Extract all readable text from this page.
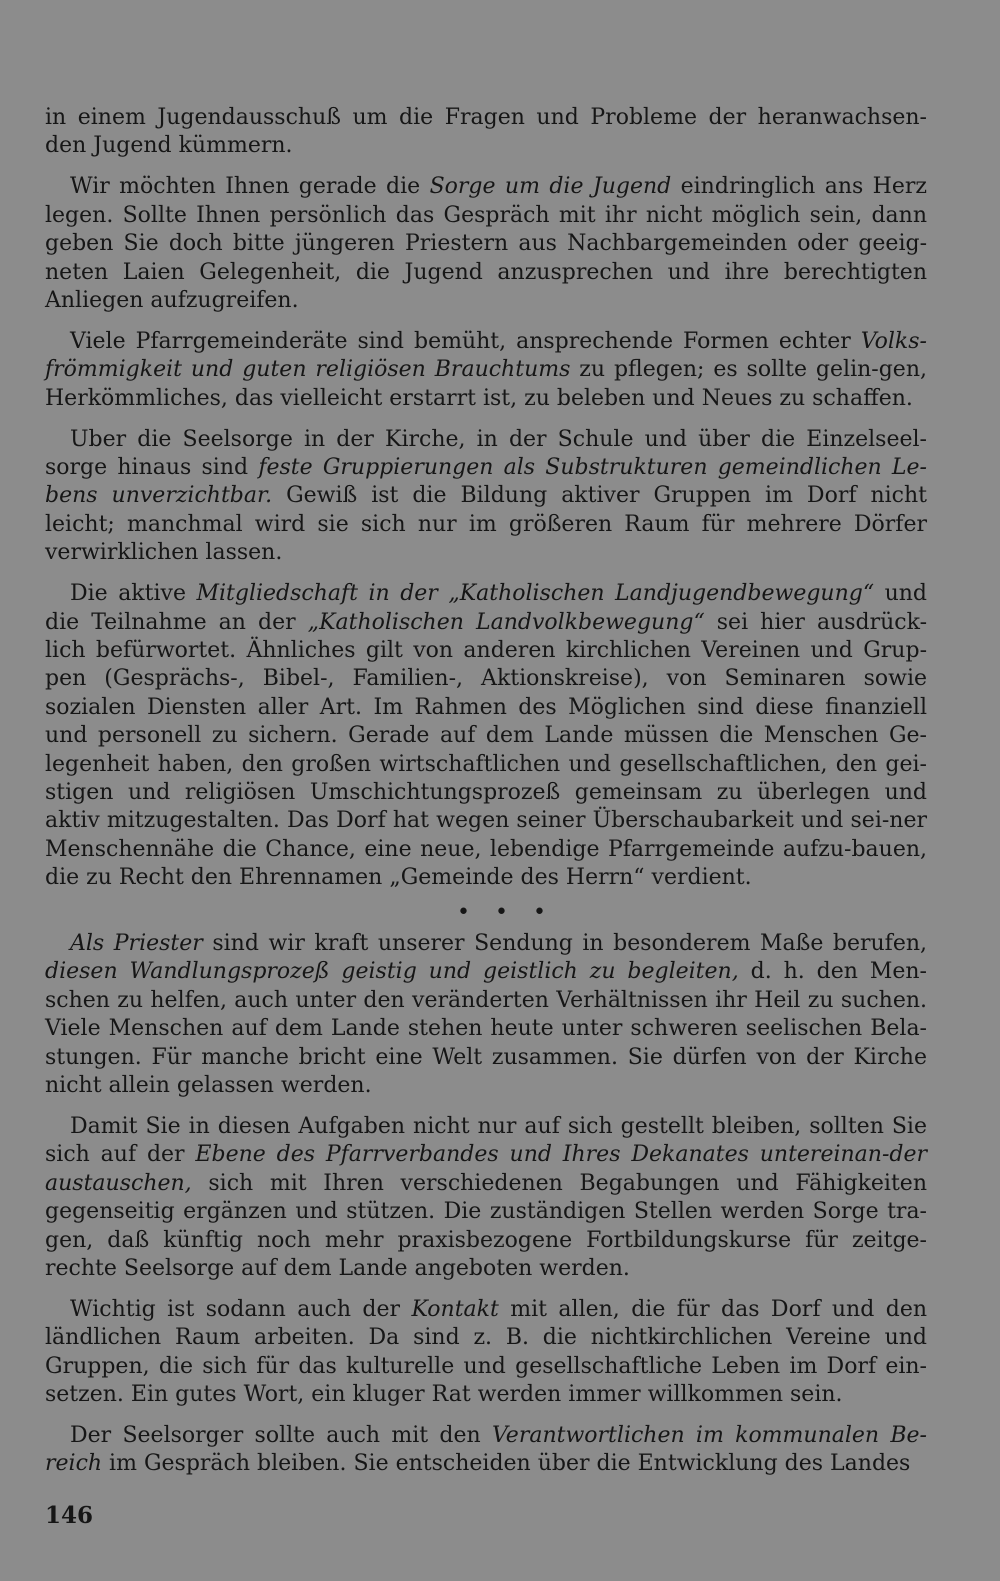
in einem Jugendausschuß um die Fragen und Probleme der heranwachsen-den Jugend kümmern.

Wir möchten Ihnen gerade die Sorge um die Jugend eindringlich ans Herz legen. Sollte Ihnen persönlich das Gespräch mit ihr nicht möglich sein, dann geben Sie doch bitte jüngeren Priestern aus Nachbargemeinden oder geeig-neten Laien Gelegenheit, die Jugend anzusprechen und ihre berechtigten Anliegen aufzugreifen.

Viele Pfarrgemeinderäte sind bemüht, ansprechende Formen echter Volks-frömmigkeit und guten religiösen Brauchtums zu pflegen; es sollte gelin-gen, Herkömmliches, das vielleicht erstarrt ist, zu beleben und Neues zu schaffen.

Uber die Seelsorge in der Kirche, in der Schule und über die Einzelseel-sorge hinaus sind feste Gruppierungen als Substrukturen gemeindlichen Le-bens unverzichtbar. Gewiß ist die Bildung aktiver Gruppen im Dorf nicht leicht; manchmal wird sie sich nur im größeren Raum für mehrere Dörfer verwirklichen lassen.

Die aktive Mitgliedschaft in der „Katholischen Landjugendbewegung“ und die Teilnahme an der „Katholischen Landvolkbewegung“ sei hier ausdrück-lich befürwortet. Ähnliches gilt von anderen kirchlichen Vereinen und Grup-pen (Gesprächs-, Bibel-, Familien-, Aktionskreise), von Seminaren sowie sozialen Diensten aller Art. Im Rahmen des Möglichen sind diese finanziell und personell zu sichern. Gerade auf dem Lande müssen die Menschen Ge-legenheit haben, den großen wirtschaftlichen und gesellschaftlichen, den gei-stigen und religiösen Umschichtungsprozeß gemeinsam zu überlegen und aktiv mitzugestalten. Das Dorf hat wegen seiner Überschaubarkeit und sei-ner Menschennähe die Chance, eine neue, lebendige Pfarrgemeinde aufzu-bauen, die zu Recht den Ehrennamen „Gemeinde des Herrn“ verdient.

• • •

Als Priester sind wir kraft unserer Sendung in besonderem Maße berufen, diesen Wandlungsprozeß geistig und geistlich zu begleiten, d. h. den Men-schen zu helfen, auch unter den veränderten Verhältnissen ihr Heil zu suchen. Viele Menschen auf dem Lande stehen heute unter schweren seelischen Bela-stungen. Für manche bricht eine Welt zusammen. Sie dürfen von der Kirche nicht allein gelassen werden.

Damit Sie in diesen Aufgaben nicht nur auf sich gestellt bleiben, sollten Sie sich auf der Ebene des Pfarrverbandes und Ihres Dekanates untereinan-der austauschen, sich mit Ihren verschiedenen Begabungen und Fähigkeiten gegenseitig ergänzen und stützen. Die zuständigen Stellen werden Sorge tra-gen, daß künftig noch mehr praxisbezogene Fortbildungskurse für zeitge-rechte Seelsorge auf dem Lande angeboten werden.

Wichtig ist sodann auch der Kontakt mit allen, die für das Dorf und den ländlichen Raum arbeiten. Da sind z. B. die nichtkirchlichen Vereine und Gruppen, die sich für das kulturelle und gesellschaftliche Leben im Dorf ein-setzen. Ein gutes Wort, ein kluger Rat werden immer willkommen sein.

Der Seelsorger sollte auch mit den Verantwortlichen im kommunalen Be-reich im Gespräch bleiben. Sie entscheiden über die Entwicklung des Landes

146
